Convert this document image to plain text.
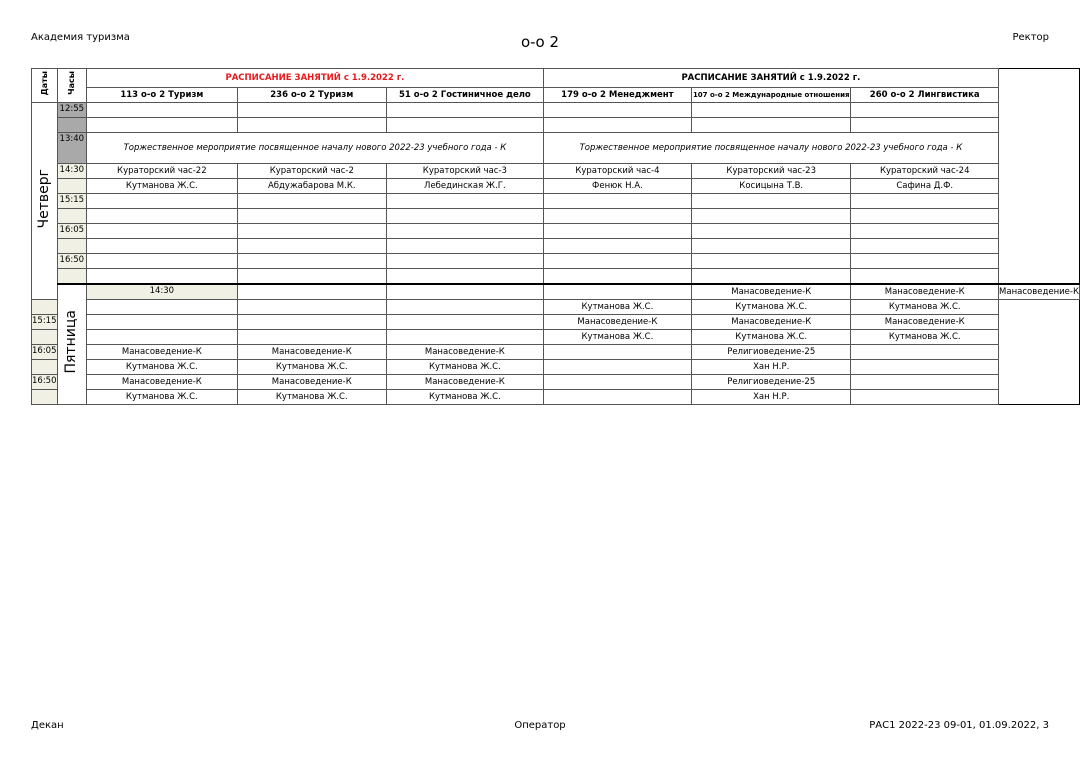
Академия туризма	о-о 2	Ректор
Даты	Часы	РАСПИСАНИЕ ЗАНЯТИЙ с 1.9.2022 г.			РАСПИСАНИЕ ЗАНЯТИЙ с 1.9.2022 г.			
		113 о-о 2 Туризм	236 о-о 2 Туризм	51 о-о 2 Гостиничное дело	179 о-о 2 Менеджмент	107 о-о 2 Международные отношения	260 о-о 2 Лингвистика	
Четверг	12:55							

	13:40	Торжественное мероприятие посвященное началу нового 2022-23 учебного года - К			Торжественное мероприятие посвященное началу нового 2022-23 учебного года - К			
	14:30	Кураторский час-22	Кураторский час-2	Кураторский час-3	Кураторский час-4	Кураторский час-23	Кураторский час-24	
		Кутманова Ж.С.	Абдужабарова М.К.	Лебединская Ж.Г.	Фенюк Н.А.	Косицына Т.В.	Сафина Д.Ф.	
	15:15							

	16:05							

	16:50							

	Пятница	14:30				Манасоведение-К	Манасоведение-К	Манасоведение-К
					Кутманова Ж.С.	Кутманова Ж.С.	Кутманова Ж.С.	
15:15					Манасоведение-К	Манасоведение-К	Манасоведение-К	
					Кутманова Ж.С.	Кутманова Ж.С.	Кутманова Ж.С.	
16:05		Манасоведение-К	Манасоведение-К	Манасоведение-К		Религиоведение-25		
		Кутманова Ж.С.	Кутманова Ж.С.	Кутманова Ж.С.		Хан Н.Р.		
16:50		Манасоведение-К	Манасоведение-К	Манасоведение-К		Религиоведение-25		
		Кутманова Ж.С.	Кутманова Ж.С.	Кутманова Ж.С.		Хан Н.Р.		
Декан	Оператор	РАС1 2022-23 09-01, 01.09.2022, 3
